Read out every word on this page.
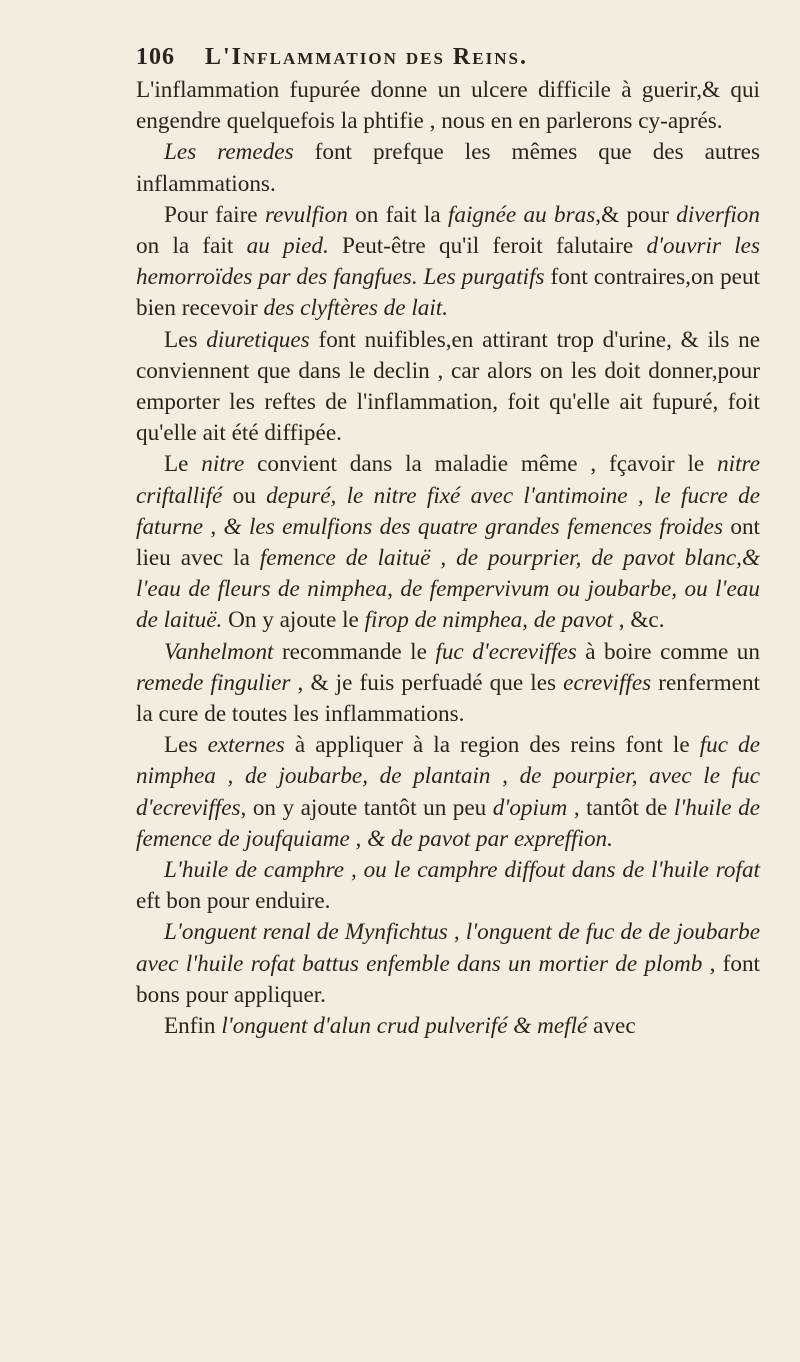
106 L'Inflammation des Reins.

L'inflammation fupurée donne un ulcere difficile à guerir,& qui engendre quelquefois la phtifie , nous en en parlerons cy-aprés.

Les remedes font prefque les mêmes que des autres inflammations.

Pour faire revulfion on fait la faignée au bras,& pour diverfion on la fait au pied. Peut-être qu'il feroit falutaire d'ouvrir les hemorroïdes par des fangfues. Les purgatifs font contraires,on peut bien recevoir des clyftères de lait.

Les diuretiques font nuifibles,en attirant trop d'urine, & ils ne conviennent que dans le declin , car alors on les doit donner,pour emporter les reftes de l'inflammation, foit qu'elle ait fupuré, foit qu'elle ait été diffipée.

Le nitre convient dans la maladie même , fçavoir le nitre criftallifé ou depuré, le nitre fixé avec l'antimoine , le fucre de faturne , & les emulfions des quatre grandes femences froides ont lieu avec la femence de laituë , de pourprier, de pavot blanc,& l'eau de fleurs de nimphea, de fempervivum ou joubarbe, ou l'eau de laituë. On y ajoute le firop de nimphea, de pavot , &c.

Vanhelmont recommande le fuc d'ecreviffes à boire comme un remede fingulier , & je fuis perfuadé que les ecreviffes renferment la cure de toutes les inflammations.

Les externes à appliquer à la region des reins font le fuc de nimphea , de joubarbe, de plantain , de pourpier, avec le fuc d'ecreviffes, on y ajoute tantôt un peu d'opium , tantôt de l'huile de femence de joufquiame , & de pavot par expreffion.

L'huile de camphre , ou le camphre diffout dans de l'huile rofat eft bon pour enduire.

L'onguent renal de Mynfichtus , l'onguent de fuc de de joubarbe avec l'huile rofat battus enfemble dans un mortier de plomb , font bons pour appliquer.

Enfin l'onguent d'alun crud pulverifé & meflé avec
